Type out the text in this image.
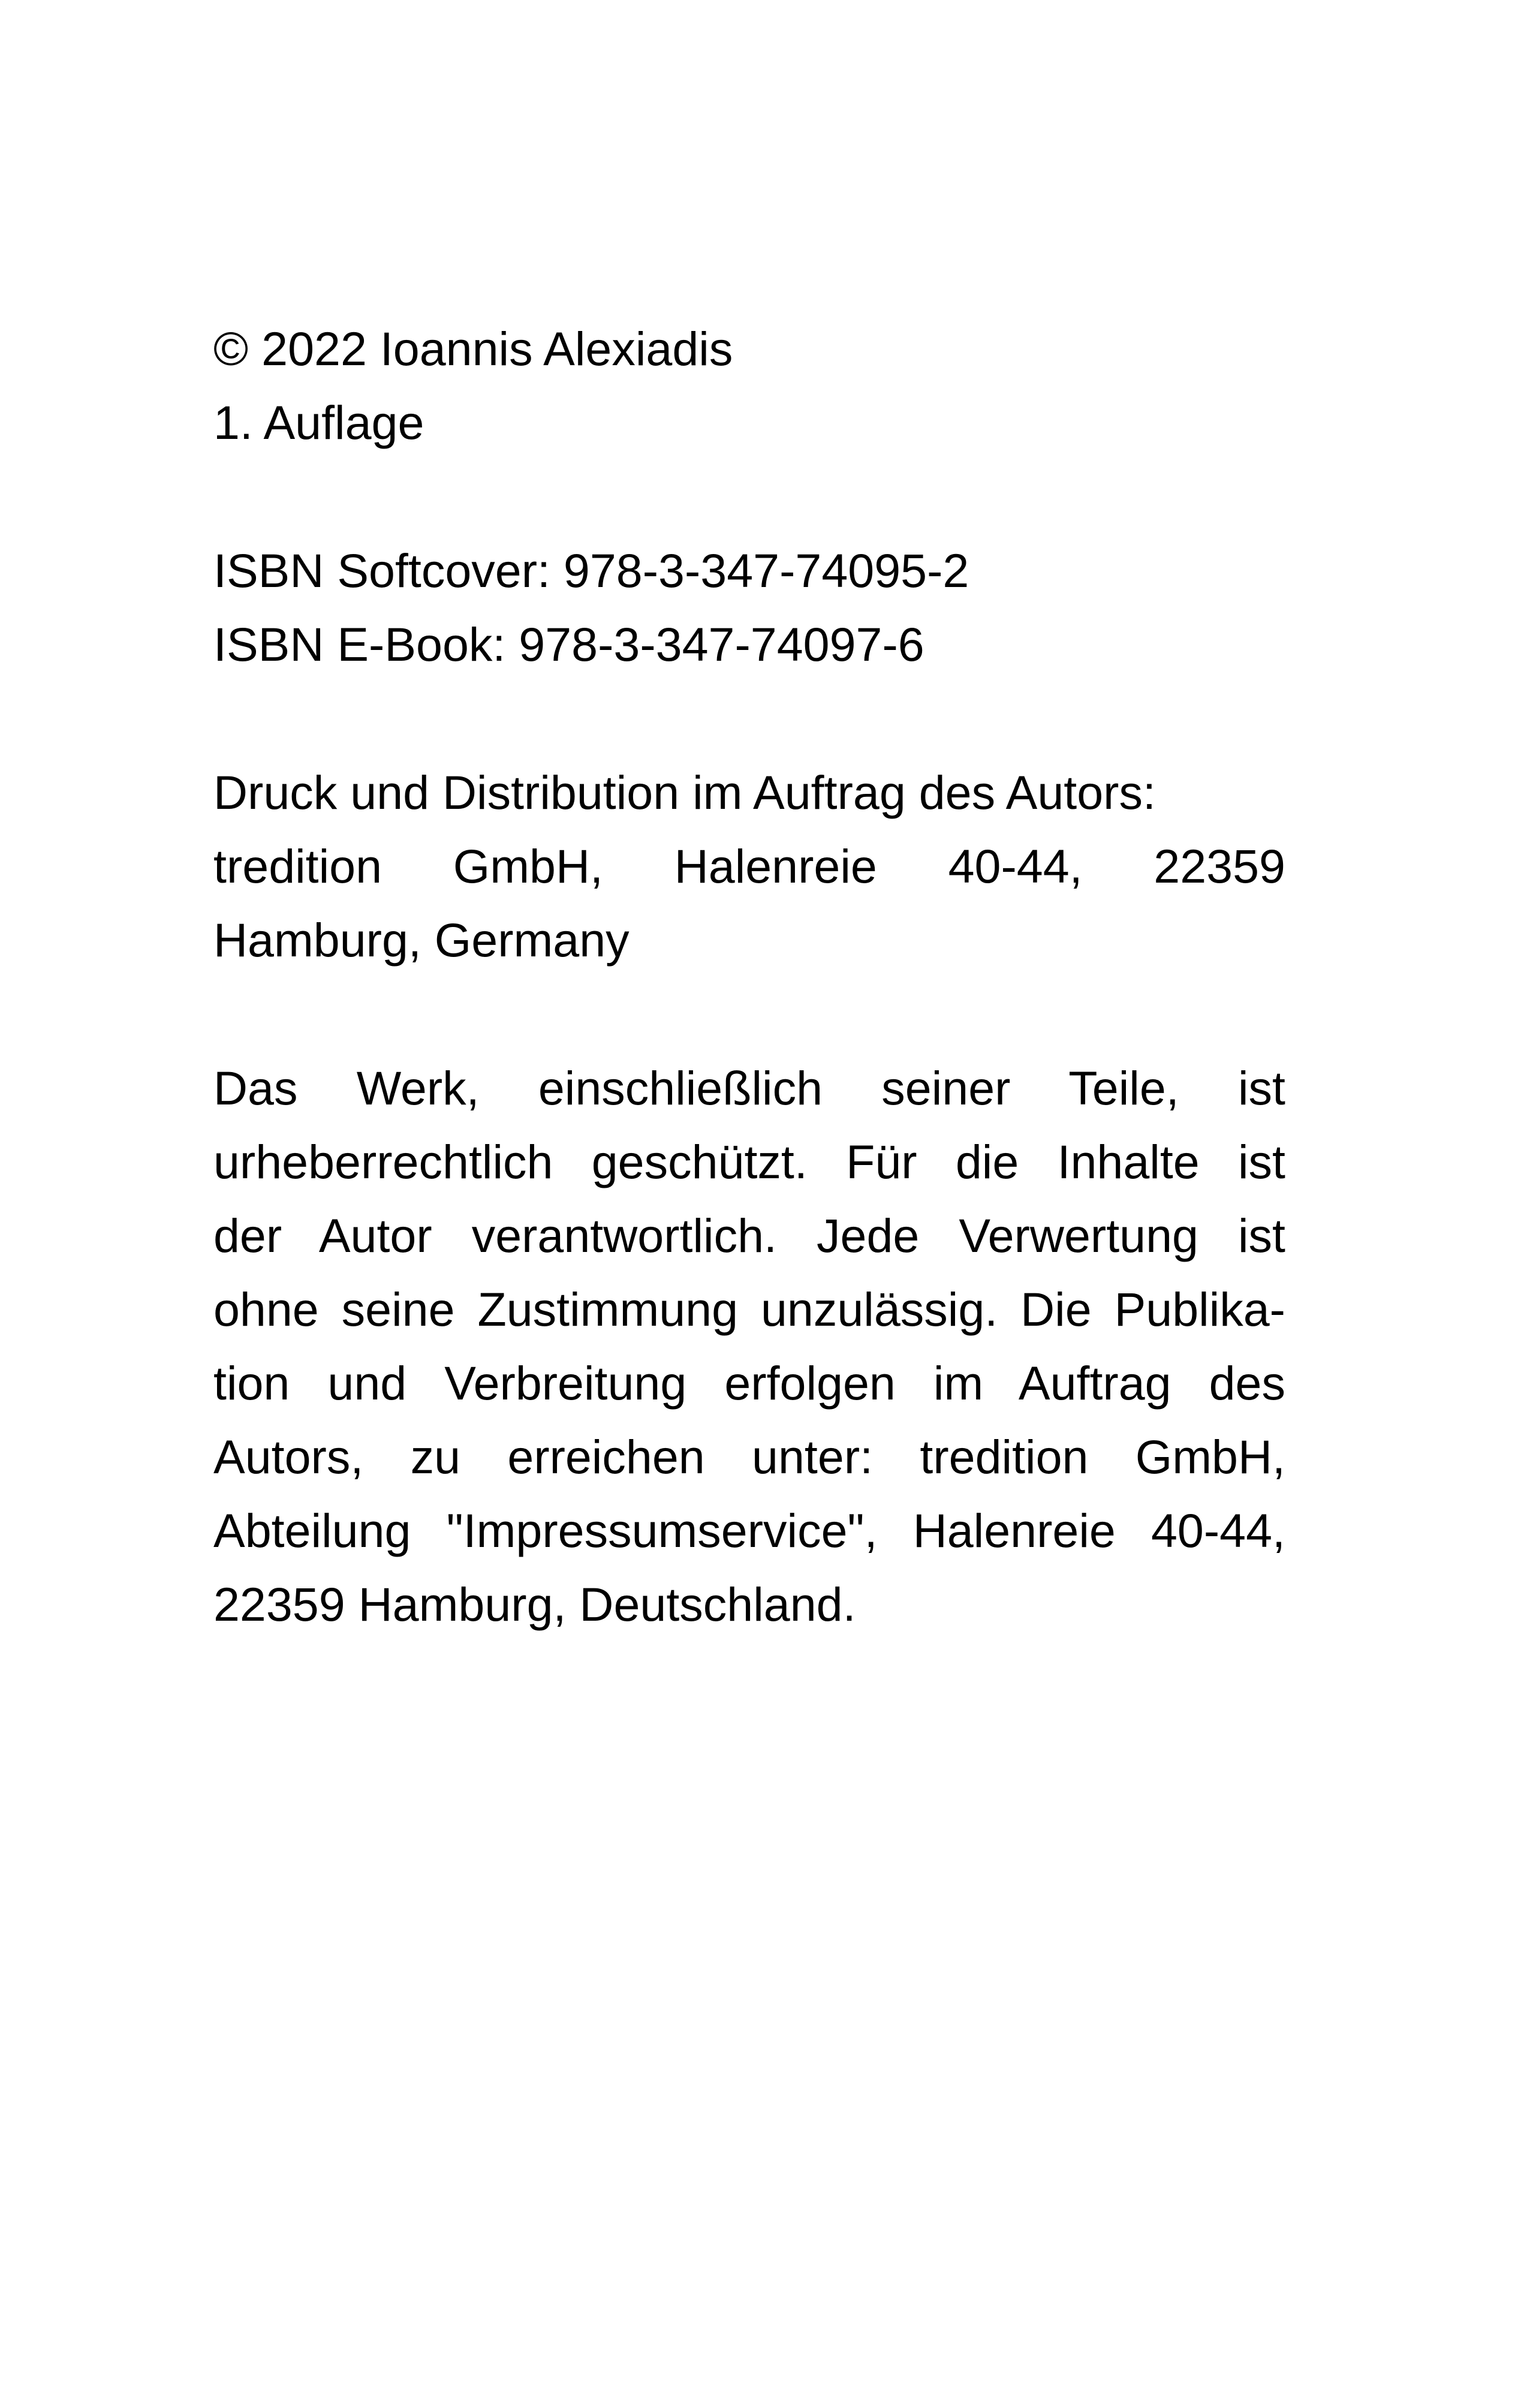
© 2022 Ioannis Alexiadis
1. Auflage
ISBN Softcover: 978-3-347-74095-2
ISBN E-Book: 978-3-347-74097-6
Druck und Distribution im Auftrag des Autors:
tredition GmbH, Halenreie 40-44, 22359
Hamburg, Germany
Das Werk, einschließlich seiner Teile, ist
urheberrechtlich geschützt. Für die Inhalte ist
der Autor verantwortlich. Jede Verwertung ist
ohne seine Zustimmung unzulässig. Die Publika-
tion und Verbreitung erfolgen im Auftrag des
Autors, zu erreichen unter: tredition GmbH,
Abteilung "Impressumservice", Halenreie 40-44,
22359 Hamburg, Deutschland.
